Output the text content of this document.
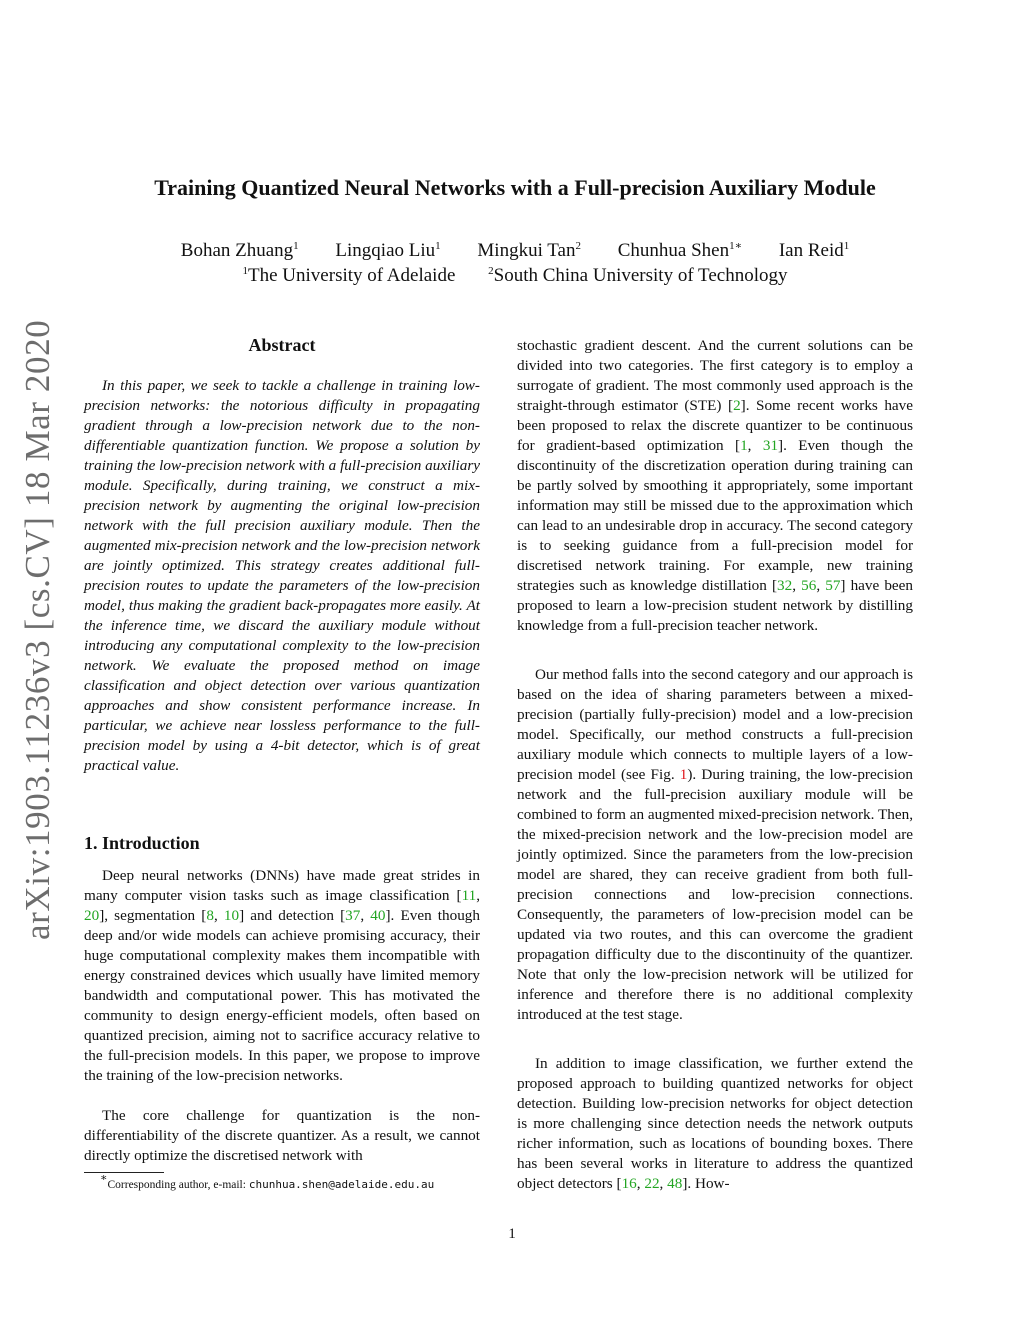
arXiv:1903.11236v3 [cs.CV] 18 Mar 2020
Training Quantized Neural Networks with a Full-precision Auxiliary Module
Bohan Zhuang$^1$ Lingqiao Liu$^1$ Mingkui Tan$^2$ Chunhua Shen$^{1∗}$ Ian Reid$^1$
$^1$The University of Adelaide	$^2$South China University of Technology
Abstract

In this paper, we seek to tackle a challenge in training low-precision networks: the notorious difficulty in propagating gradient through a low-precision network due to the non-differentiable quantization function. We propose a solution by training the low-precision network with a full-precision auxiliary module. Specifically, during training, we construct a mix-precision network by augmenting the original low-precision network with the full precision auxiliary module. Then the augmented mix-precision network and the low-precision network are jointly optimized. This strategy creates additional full-precision routes to update the parameters of the low-precision model, thus making the gradient back-propagates more easily. At the inference time, we discard the auxiliary module without introducing any computational complexity to the low-precision network. We evaluate the proposed method on image classification and object detection over various quantization approaches and show consistent performance increase. In particular, we achieve near lossless performance to the full-precision model by using a 4-bit detector, which is of great practical value.

1. Introduction

Deep neural networks (DNNs) have made great strides in many computer vision tasks such as image classification [11, 20], segmentation [8, 10] and detection [37, 40]. Even though deep and/or wide models can achieve promising accuracy, their huge computational complexity makes them incompatible with energy constrained devices which usually have limited memory bandwidth and computational power. This has motivated the community to design energy-efficient models, often based on quantized precision, aiming not to sacrifice accuracy relative to the full-precision models. In this paper, we propose to improve the training of the low-precision networks.

The core challenge for quantization is the non-differentiability of the discrete quantizer. As a result, we cannot directly optimize the discretised network with

∗Corresponding author, e-mail: chunhua.shen@adelaide.edu.au

stochastic gradient descent. And the current solutions can be divided into two categories. The first category is to employ a surrogate of gradient. The most commonly used approach is the straight-through estimator (STE) [2]. Some recent works have been proposed to relax the discrete quantizer to be continuous for gradient-based optimization [1, 31]. Even though the discontinuity of the discretization operation during training can be partly solved by smoothing it appropriately, some important information may still be missed due to the approximation which can lead to an undesirable drop in accuracy. The second category is to seeking guidance from a full-precision model for discretised network training. For example, new training strategies such as knowledge distillation [32, 56, 57] have been proposed to learn a low-precision student network by distilling knowledge from a full-precision teacher network.

Our method falls into the second category and our approach is based on the idea of sharing parameters between a mixed-precision (partially fully-precision) model and a low-precision model. Specifically, our method constructs a full-precision auxiliary module which connects to multiple layers of a low-precision model (see Fig. 1). During training, the low-precision network and the full-precision auxiliary module will be combined to form an augmented mixed-precision network. Then, the mixed-precision network and the low-precision model are jointly optimized. Since the parameters from the low-precision model are shared, they can receive gradient from both full-precision connections and low-precision connections. Consequently, the parameters of low-precision model can be updated via two routes, and this can overcome the gradient propagation difficulty due to the discontinuity of the quantizer. Note that only the low-precision network will be utilized for inference and therefore there is no additional complexity introduced at the test stage.

In addition to image classification, we further extend the proposed approach to building quantized networks for object detection. Building low-precision networks for object detection is more challenging since detection needs the network outputs richer information, such as locations of bounding boxes. There has been several works in literature to address the quantized object detectors [16, 22, 48]. How-

1
